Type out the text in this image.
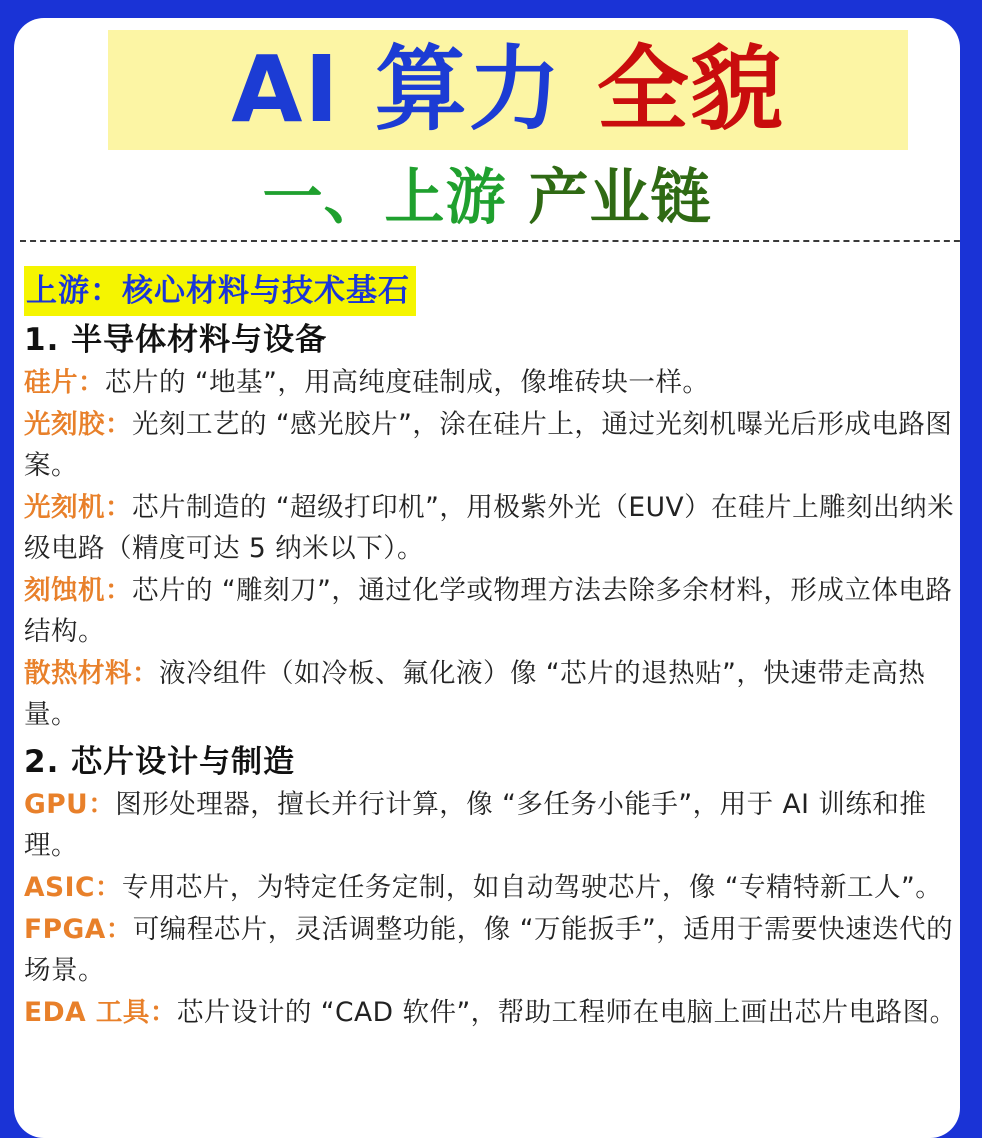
AI 算力 全貌
一、上游 产业链
上游：核心材料与技术基石
1. 半导体材料与设备
硅片：芯片的 “地基”，用高纯度硅制成，像堆砖块一样。
光刻胶：光刻工艺的 “感光胶片”，涂在硅片上，通过光刻机曝光后形成电路图案。
光刻机：芯片制造的 “超级打印机”，用极紫外光（EUV）在硅片上雕刻出纳米级电路（精度可达 5 纳米以下）。
刻蚀机：芯片的 “雕刻刀”，通过化学或物理方法去除多余材料，形成立体电路结构。
散热材料：液冷组件（如冷板、氟化液）像 “芯片的退热贴”，快速带走高热量。
2. 芯片设计与制造
GPU：图形处理器，擅长并行计算，像 “多任务小能手”，用于 AI 训练和推理。
ASIC：专用芯片，为特定任务定制，如自动驾驶芯片，像 “专精特新工人”。
FPGA：可编程芯片，灵活调整功能，像 “万能扳手”，适用于需要快速迭代的场景。
EDA 工具：芯片设计的 “CAD 软件”，帮助工程师在电脑上画出芯片电路图。
